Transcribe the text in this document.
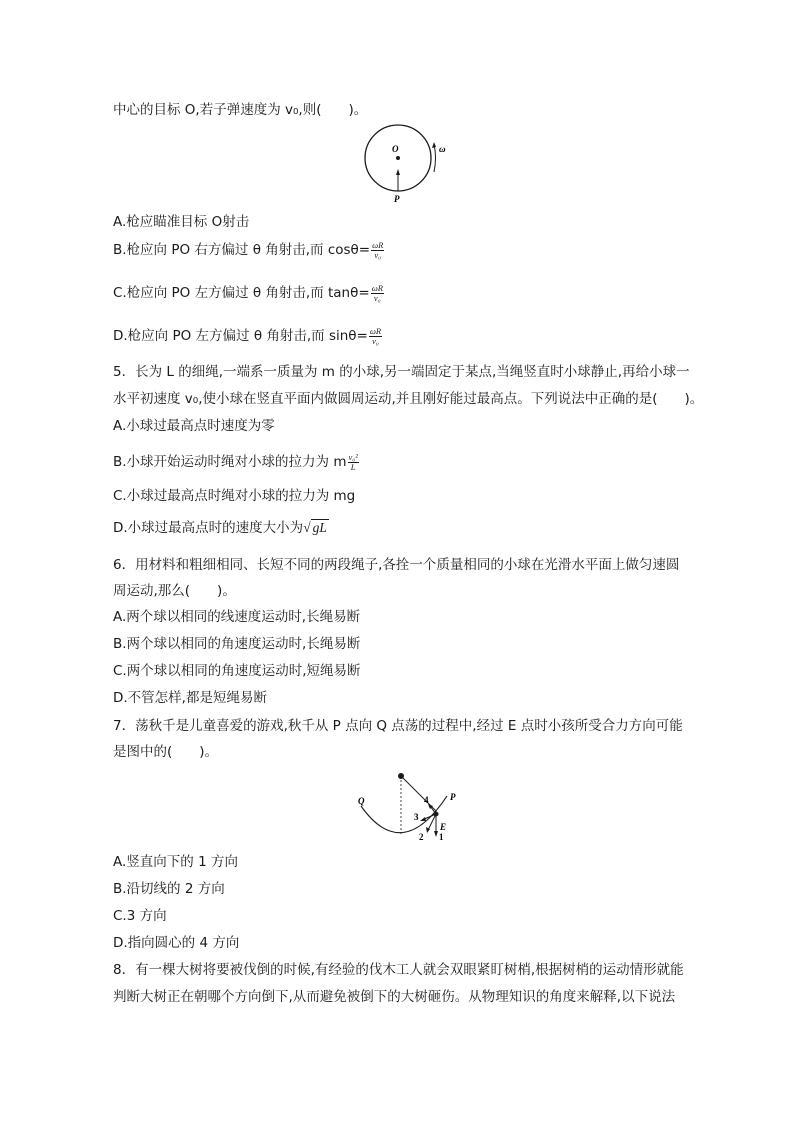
中心的目标 O,若子弹速度为 v₀,则(　　)。
O
P
ω
A.枪应瞄准目标 O射击
B.枪应向 PO 右方偏过 θ 角射击,而 $\cos\theta= \frac{\omega R}{\text{v₀}}$
C.枪应向 PO 左方偏过 θ 角射击,而 $\tan\theta= \frac{\omega R}{\text{v₀}}$
D.枪应向 PO 左方偏过 θ 角射击,而 $\sin\theta= \frac{\omega R}{\text{v₀}}$
5．长为 L 的细绳,一端系一质量为 m 的小球,另一端固定于某点,当绳竖直时小球静止,再给小球一
水平初速度 v₀,使小球在竖直平面内做圆周运动,并且刚好能过最高点。下列说法中正确的是(　　)。
A.小球过最高点时速度为零
B.小球开始运动时绳对小球的拉力为 m $\frac{\text{v₀²}}{L}$
C.小球过最高点时绳对小球的拉力为 mg
D.小球过最高点时的速度大小为√ gL
6．用材料和粗细相同、长短不同的两段绳子,各拴一个质量相同的小球在光滑水平面上做匀速圆
周运动,那么(　　)。
A.两个球以相同的线速度运动时,长绳易断
B.两个球以相同的角速度运动时,长绳易断
C.两个球以相同的角速度运动时,短绳易断
D.不管怎样,都是短绳易断
7．荡秋千是儿童喜爱的游戏,秋千从 P 点向 Q 点荡的过程中,经过 E 点时小孩所受合力方向可能
是图中的(　　)。
Q	P
E
1
2
3
4
A.竖直向下的 1 方向
B.沿切线的 2 方向
C.3 方向
D.指向圆心的 4 方向
8．有一棵大树将要被伐倒的时候,有经验的伐木工人就会双眼紧盯树梢,根据树梢的运动情形就能
判断大树正在朝哪个方向倒下,从而避免被倒下的大树砸伤。从物理知识的角度来解释,以下说法
